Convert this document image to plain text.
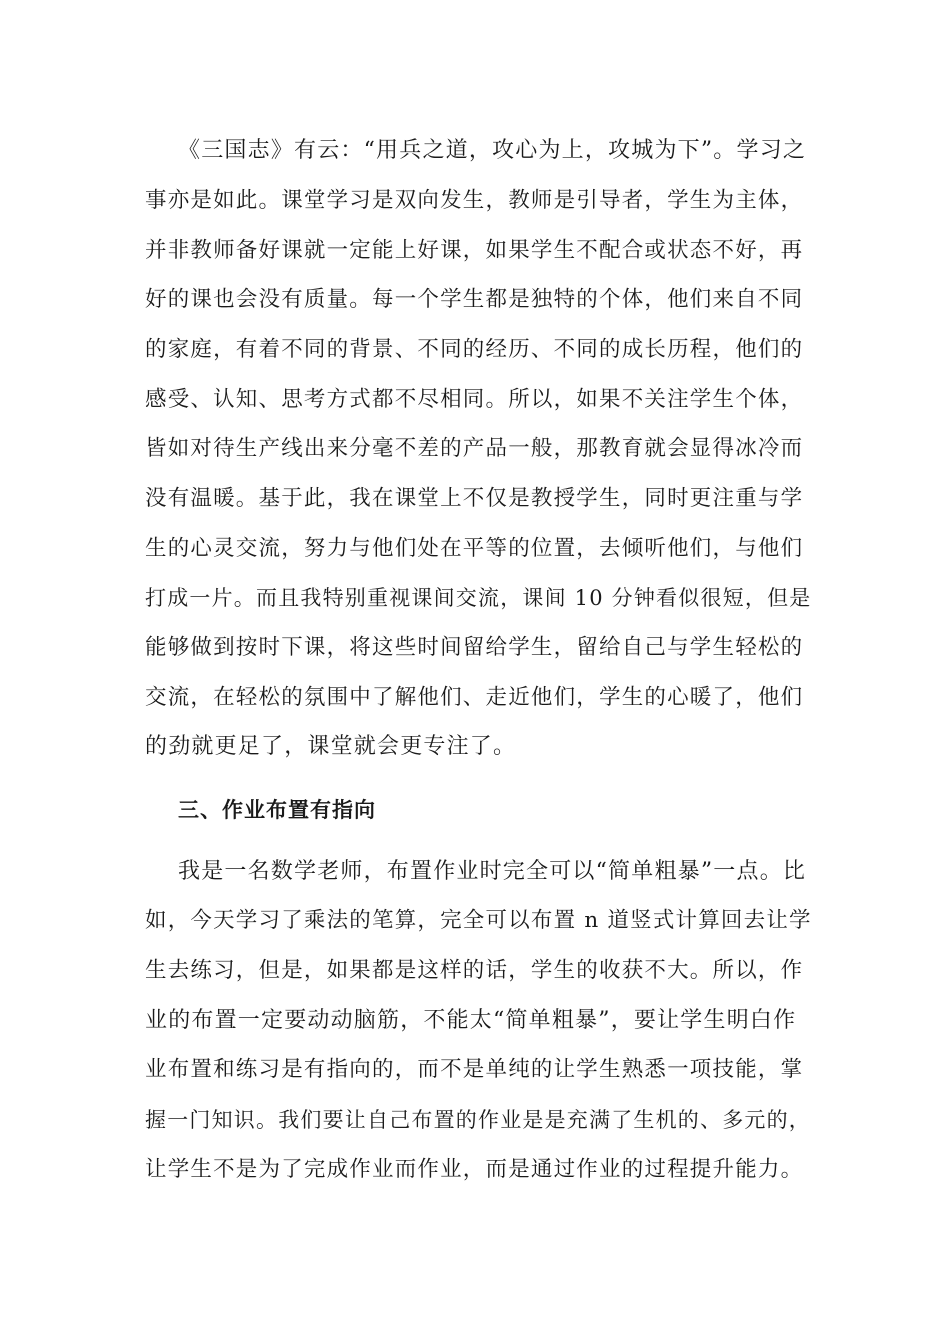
《三国志》有云：“用兵之道，攻心为上，攻城为下”。学习之
事亦是如此。课堂学习是双向发生，教师是引导者，学生为主体，
并非教师备好课就一定能上好课，如果学生不配合或状态不好，再
好的课也会没有质量。每一个学生都是独特的个体，他们来自不同
的家庭，有着不同的背景、不同的经历、不同的成长历程，他们的
感受、认知、思考方式都不尽相同。所以，如果不关注学生个体，
皆如对待生产线出来分毫不差的产品一般，那教育就会显得冰冷而
没有温暖。基于此，我在课堂上不仅是教授学生，同时更注重与学
生的心灵交流，努力与他们处在平等的位置，去倾听他们，与他们
打成一片。而且我特别重视课间交流，课间 10 分钟看似很短，但是
能够做到按时下课，将这些时间留给学生，留给自己与学生轻松的
交流，在轻松的氛围中了解他们、走近他们，学生的心暖了，他们
的劲就更足了，课堂就会更专注了。
三、作业布置有指向
我是一名数学老师，布置作业时完全可以“简单粗暴”一点。比
如，今天学习了乘法的笔算，完全可以布置 n 道竖式计算回去让学
生去练习，但是，如果都是这样的话，学生的收获不大。所以，作
业的布置一定要动动脑筋，不能太“简单粗暴”，要让学生明白作
业布置和练习是有指向的，而不是单纯的让学生熟悉一项技能，掌
握一门知识。我们要让自己布置的作业是是充满了生机的、多元的，
让学生不是为了完成作业而作业，而是通过作业的过程提升能力。
